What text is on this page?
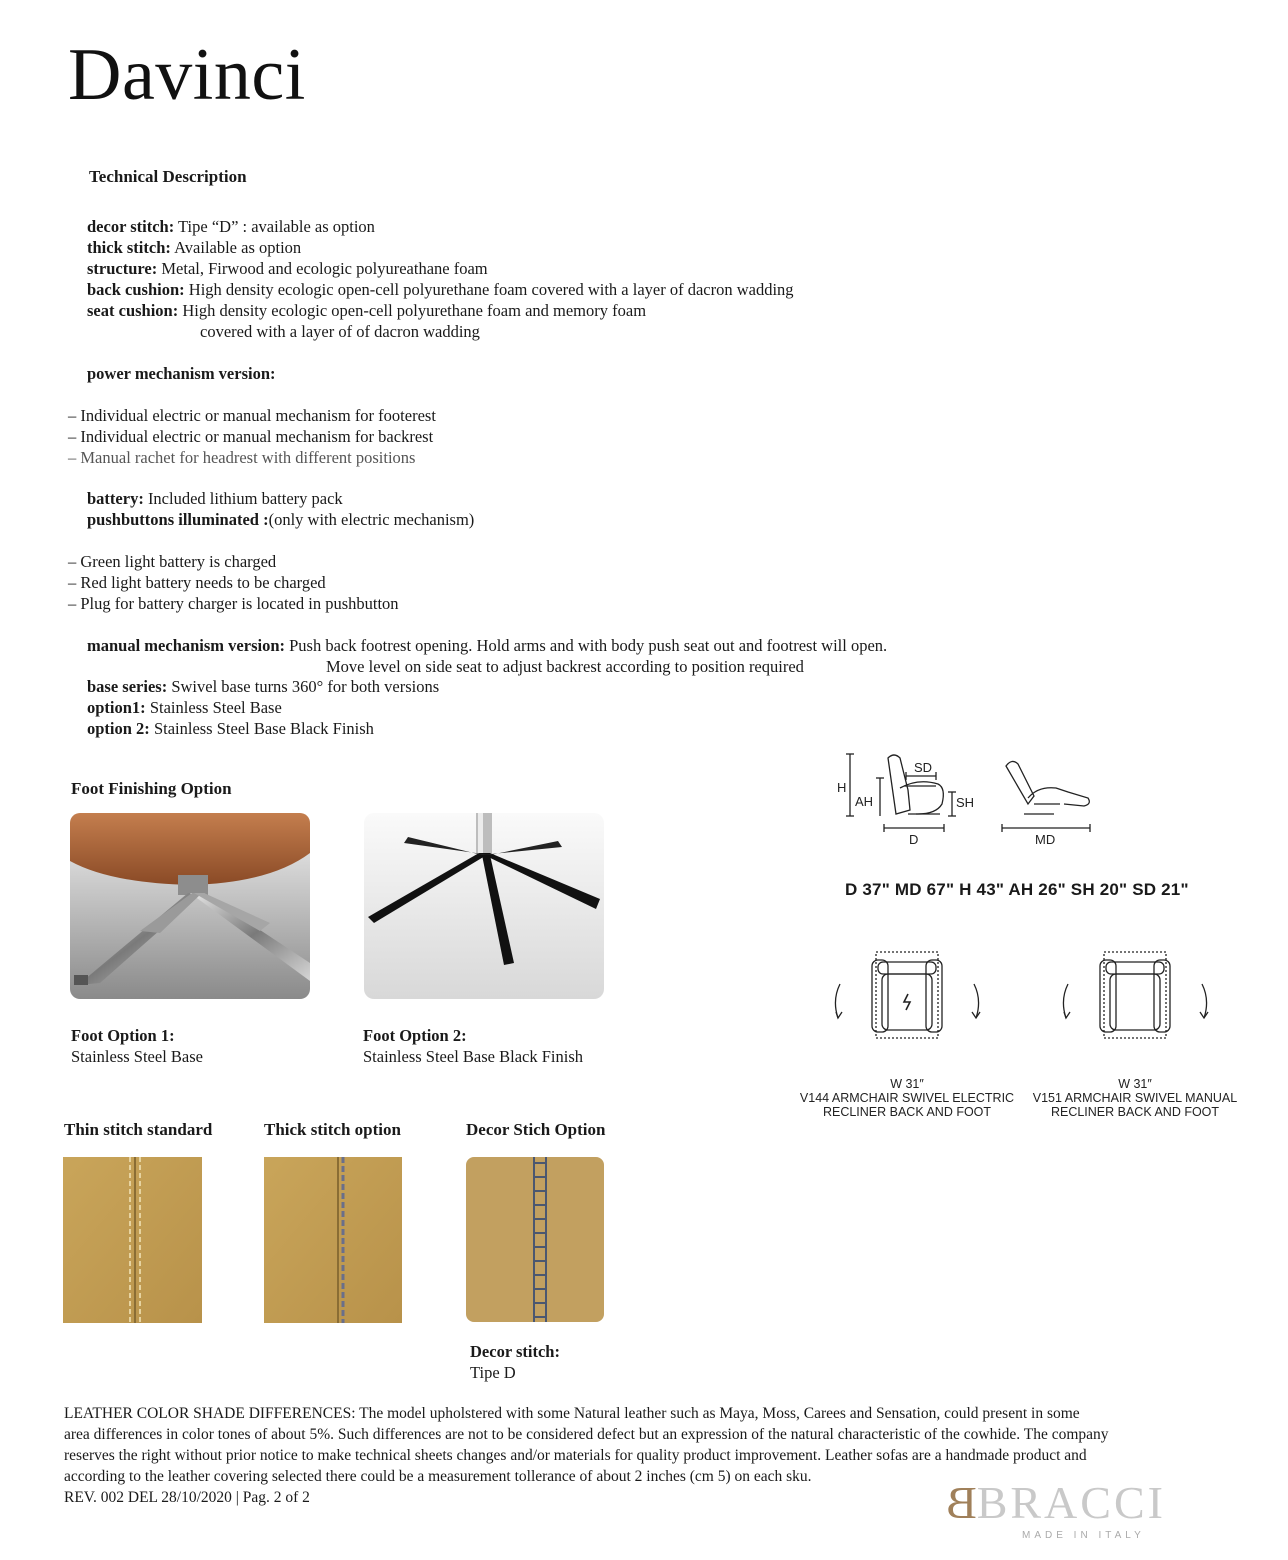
Davinci
Technical Description
decor stitch: Tipe “D” : available as option
thick stitch: Available as option
structure: Metal, Firwood and ecologic polyureathane foam
back cushion: High density ecologic open-cell polyurethane foam covered with a layer of dacron wadding
seat cushion: High density ecologic open-cell polyurethane foam and memory foam
covered with a layer of of dacron wadding
power mechanism version:
– Individual electric or manual mechanism for footerest
– Individual electric or manual mechanism for backrest
– Manual rachet for headrest with different positions
battery: Included lithium battery pack
pushbuttons illuminated :(only with electric mechanism)
– Green light battery is charged
– Red light battery needs to be charged
– Plug for battery charger is located in pushbutton
manual mechanism version: Push back footrest opening. Hold arms and with body push seat out and footrest will open.
Move level on side seat to adjust backrest according to position required
base series: Swivel base turns 360° for both versions
option1: Stainless Steel Base
option 2: Stainless Steel Base Black Finish
Foot Finishing Option
Foot Option 1:
Stainless Steel Base
Foot Option 2:
Stainless Steel Base Black Finish
Thin stitch standard	Thick stitch option	Decor Stich Option
Decor stitch:
Tipe D
H
AH
SD
SH
D	MD
D 37" MD 67" H 43" AH 26" SH 20" SD 21"
W 31″
V144 ARMCHAIR SWIVEL ELECTRIC
RECLINER BACK AND FOOT
W 31″
V151 ARMCHAIR SWIVEL MANUAL
RECLINER BACK AND FOOT
LEATHER COLOR SHADE DIFFERENCES: The model upholstered with some Natural leather such as Maya, Moss, Carees and Sensation, could present in some
area differences in color tones of about 5%. Such differences are not to be considered defect but an expression of the natural characteristic of the cowhide. The company
reserves the right without prior notice to make technical sheets changes and/or materials for quality product improvement. Leather sofas are a handmade product and
according to the leather covering selected there could be a measurement tollerance of about 2 inches (cm 5) on each sku.
REV. 002 DEL 28/10/2020 | Pag. 2 of 2	B BRACCI
MADE IN ITALY
